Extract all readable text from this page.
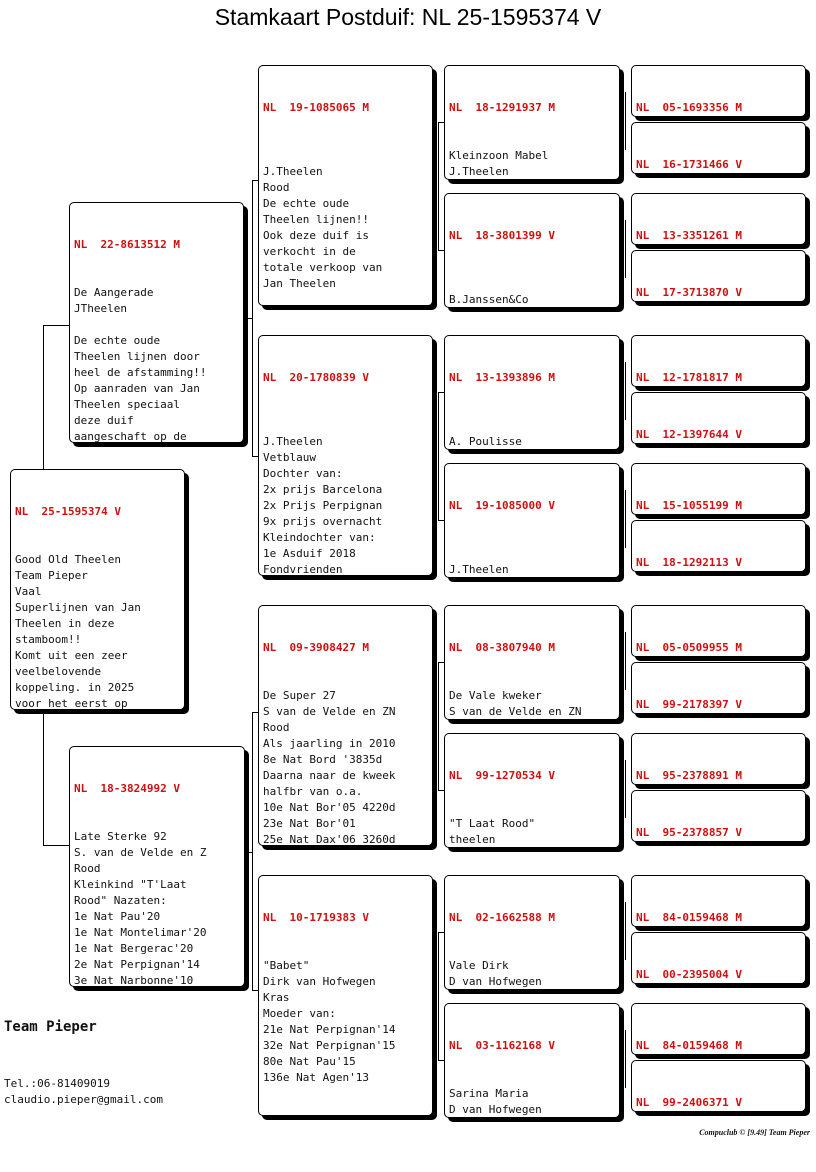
Stamkaart Postduif: NL 25-1595374 V

NL  25-1595374 V

Good Old Theelen
Team Pieper
Vaal
Superlijnen van Jan
Theelen in deze
stamboom!!
Komt uit een zeer
veelbelovende
koppeling. in 2025
voor het eerst op

NL  22-8613512 M

De Aangerade
JTheelen

De echte oude
Theelen lijnen door
heel de afstamming!!
Op aanraden van Jan
Theelen speciaal
deze duif
aangeschaft op de

NL  18-3824992 V

Late Sterke 92
S. van de Velde en Z
Rood
Kleinkind "T'Laat
Rood" Nazaten:
1e Nat Pau'20
1e Nat Montelimar'20
1e Nat Bergerac'20
2e Nat Perpignan'14
3e Nat Narbonne'10

NL  19-1085065 M

J.Theelen
Rood
De echte oude
Theelen lijnen!!
Ook deze duif is
verkocht in de
totale verkoop van
Jan Theelen

NL  20-1780839 V

J.Theelen
Vetblauw
Dochter van:
2x prijs Barcelona
2x Prijs Perpignan
9x prijs overnacht
Kleindochter van:
1e Asduif 2018
Fondvrienden

NL  09-3908427 M

De Super 27
S van de Velde en ZN
Rood
Als jaarling in 2010
8e Nat Bord '3835d
Daarna naar de kweek
halfbr van o.a.
10e Nat Bor'05 4220d
23e Nat Bor'01
25e Nat Dax'06 3260d

NL  10-1719383 V

"Babet"
Dirk van Hofwegen
Kras
Moeder van:
21e Nat Perpignan'14
32e Nat Perpignan'15
80e Nat Pau'15
136e Nat Agen'13

NL  18-1291937 M

Kleinzoon Mabel
J.Theelen

NL  18-3801399 V

B.Janssen&Co

NL  13-1393896 M

A. Poulisse

NL  19-1085000 V

J.Theelen

NL  08-3807940 M

De Vale kweker
S van de Velde en ZN

NL  99-1270534 V

"T Laat Rood"
theelen

NL  02-1662588 M

Vale Dirk
D van Hofwegen

NL  03-1162168 V

Sarina Maria
D van Hofwegen

NL  05-1693356 M

NL  16-1731466 V

NL  13-3351261 M

NL  17-3713870 V

NL  12-1781817 M

NL  12-1397644 V

NL  15-1055199 M

NL  18-1292113 V

NL  05-0509955 M

NL  99-2178397 V

NL  95-2378891 M

NL  95-2378857 V

NL  84-0159468 M

NL  00-2395004 V

NL  84-0159468 M

NL  99-2406371 V

Team Pieper
Tel.:06-81409019
claudio.pieper@gmail.com
Compuclub © [9.49] Team Pieper
